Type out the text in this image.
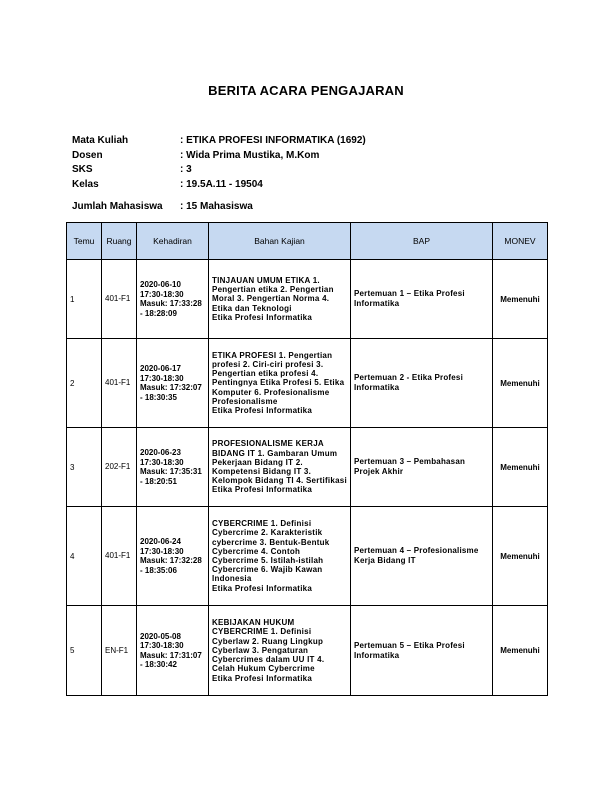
BERITA ACARA PENGAJARAN
Mata Kuliah	: ETIKA PROFESI INFORMATIKA (1692)
Dosen	: Wida Prima Mustika, M.Kom
SKS	: 3
Kelas	: 19.5A.11 - 19504
Jumlah Mahasiswa : 15 Mahasiswa
Temu	Ruang	Kehadiran	Bahan Kajian	BAP	MONEV
1	401-F1	2020-06-10
17:30-18:30
Masuk: 17:33:28
- 18:28:09	TINJAUAN UMUM ETIKA 1. Pengertian etika 2. Pengertian Moral 3. Pengertian Norma 4. Etika dan Teknologi
Etika Profesi Informatika	Pertemuan 1 – Etika Profesi Informatika	Memenuhi
2	401-F1	2020-06-17
17:30-18:30
Masuk: 17:32:07
- 18:30:35	ETIKA PROFESI 1. Pengertian profesi 2. Ciri-ciri profesi 3. Pengertian etika profesi 4. Pentingnya Etika Profesi 5. Etika Komputer 6. Profesionalisme Profesionalisme
Etika Profesi Informatika	Pertemuan 2 - Etika Profesi Informatika	Memenuhi
3	202-F1	2020-06-23
17:30-18:30
Masuk: 17:35:31
- 18:20:51	PROFESIONALISME KERJA BIDANG IT 1. Gambaran Umum Pekerjaan Bidang IT 2. Kompetensi Bidang IT 3. Kelompok Bidang TI 4. Sertifikasi
Etika Profesi Informatika	Pertemuan 3 – Pembahasan Projek Akhir	Memenuhi
4	401-F1	2020-06-24
17:30-18:30
Masuk: 17:32:28
- 18:35:06	CYBERCRIME 1. Definisi Cybercrime 2. Karakteristik cybercrime 3. Bentuk-Bentuk Cybercrime 4. Contoh Cybercrime 5. Istilah-istilah Cybercrime 6. Wajib Kawan Indonesia
Etika Profesi Informatika	Pertemuan 4 – Profesionalisme Kerja Bidang IT	Memenuhi
5	EN-F1	2020-05-08
17:30-18:30
Masuk: 17:31:07
- 18:30:42	KEBIJAKAN HUKUM CYBERCRIME 1. Definisi Cyberlaw 2. Ruang Lingkup Cyberlaw 3. Pengaturan Cybercrimes dalam UU IT 4. Celah Hukum Cybercrime
Etika Profesi Informatika	Pertemuan 5 – Etika Profesi Informatika	Memenuhi
